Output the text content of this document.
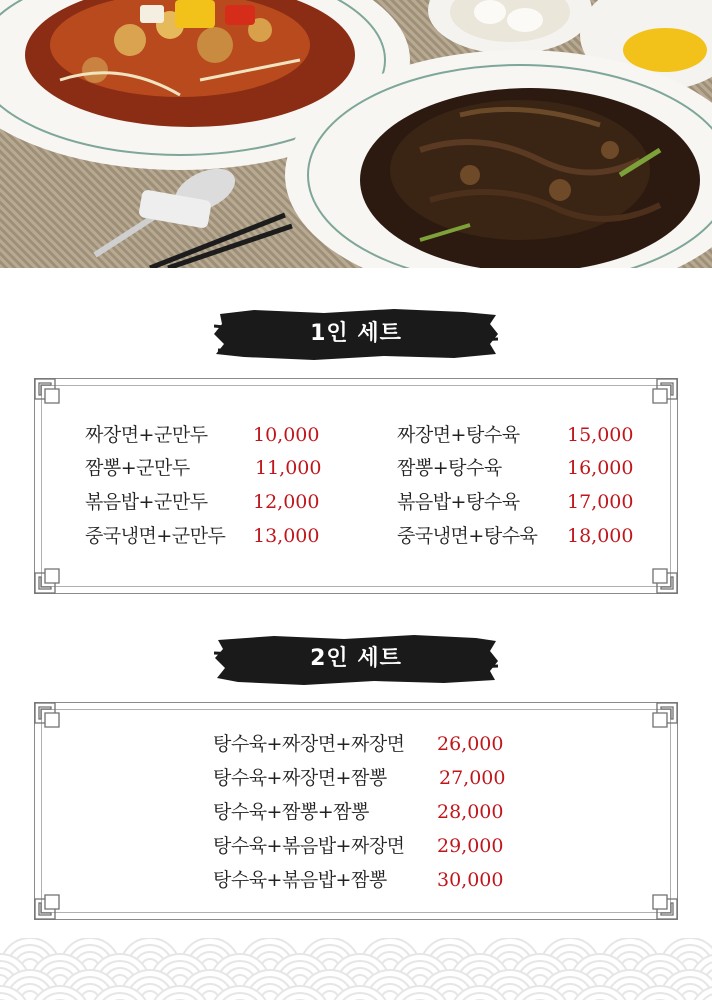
1인 세트
짜장면+군만두 10,000
짬뽕+군만두	11,000
볶음밥+군만두 12,000
중국냉면+군만두 13,000
짜장면+탕수육 15,000
짬뽕+탕수육	16,000
볶음밥+탕수육 17,000
중국냉면+탕수육 18,000
2인 세트
탕수육+짜장면+짜장면 26,000
탕수육+짜장면+짬뽕	27,000
탕수육+짬뽕+짬뽕	28,000
탕수육+볶음밥+짜장면 29,000
탕수육+볶음밥+짬뽕	30,000
